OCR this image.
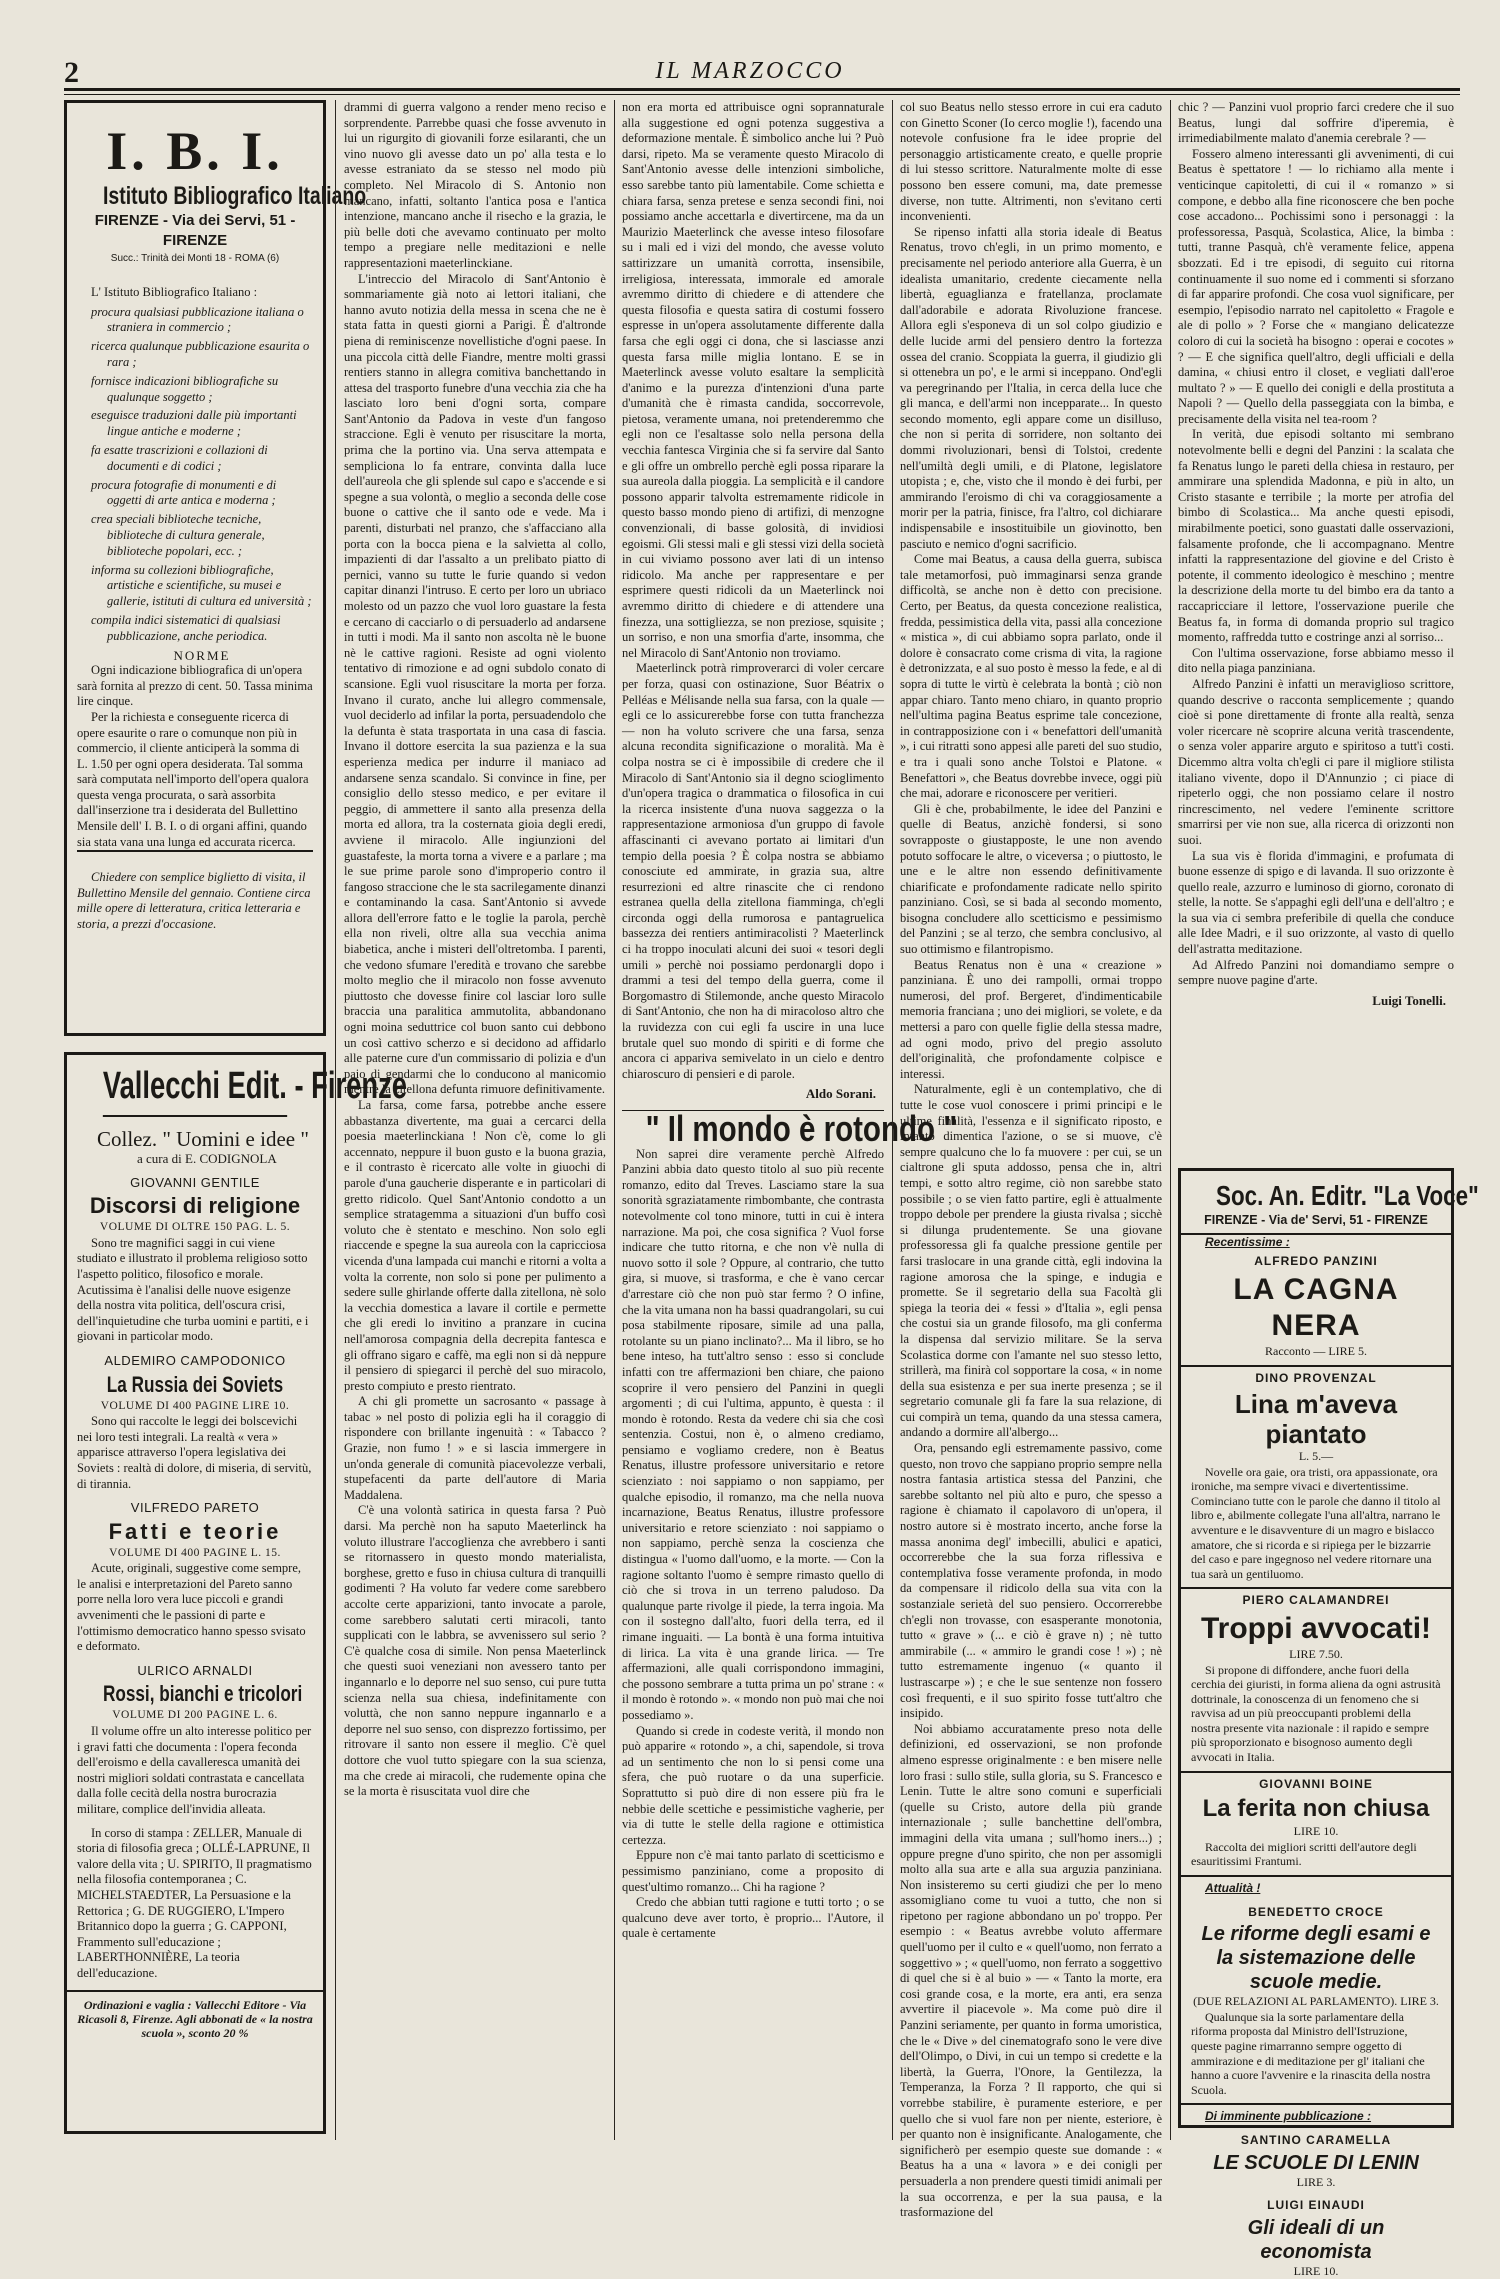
2	IL MARZOCCO
I. B. I.
Istituto Bibliografico Italiano
FIRENZE - Via dei Servi, 51 - FIRENZE
Succ.: Trinità dei Monti 18 - ROMA (6)

L' Istituto Bibliografico Italiano :

procura qualsiasi pubblicazione italiana o straniera in commercio ;
ricerca qualunque pubblicazione esaurita o rara ;
fornisce indicazioni bibliografiche su qualunque soggetto ;
eseguisce traduzioni dalle più importanti lingue antiche e moderne ;
fa esatte trascrizioni e collazioni di documenti e di codici ;
procura fotografie di monumenti e di oggetti di arte antica e moderna ;
crea speciali biblioteche tecniche, biblioteche di cultura generale, biblioteche popolari, ecc. ;
informa su collezioni bibliografiche, artistiche e scientifiche, su musei e gallerie, istituti di cultura ed università ;
compila indici sistematici di qualsiasi pubblicazione, anche periodica.

NORME

Ogni indicazione bibliografica di un'opera sarà fornita al prezzo di cent. 50. Tassa minima lire cinque.

Per la richiesta e conseguente ricerca di opere esaurite o rare o comunque non più in commercio, il cliente anticiperà la somma di L. 1.50 per ogni opera desiderata. Tal somma sarà computata nell'importo dell'opera qualora questa venga procurata, o sarà assorbita dall'inserzione tra i desiderata del Bullettino Mensile dell' I. B. I. o di organi affini, quando sia stata vana una lunga ed accurata ricerca.

Chiedere con semplice biglietto di visita, il Bullettino Mensile del gennaio. Contiene circa mille opere di letteratura, critica letteraria e storia, a prezzi d'occasione.

Vallecchi Edit. - Firenze
Collez. " Uomini e idee "
a cura di E. CODIGNOLA
GIOVANNI GENTILE
Discorsi di religione
VOLUME DI OLTRE 150 PAG. L. 5.

Sono tre magnifici saggi in cui viene studiato e illustrato il problema religioso sotto l'aspetto politico, filosofico e morale. Acutissima è l'analisi delle nuove esigenze della nostra vita politica, dell'oscura crisi, dell'inquietudine che turba uomini e partiti, e i giovani in particolar modo.

ALDEMIRO CAMPODONICO
La Russia dei Soviets
VOLUME DI 400 PAGINE LIRE 10.

Sono qui raccolte le leggi dei bolscevichi nei loro testi integrali. La realtà « vera » apparisce attraverso l'opera legislativa dei Soviets : realtà di dolore, di miseria, di servitù, di tirannia.

VILFREDO PARETO
Fatti e teorie
VOLUME DI 400 PAGINE L. 15.

Acute, originali, suggestive come sempre, le analisi e interpretazioni del Pareto sanno porre nella loro vera luce piccoli e grandi avvenimenti che le passioni di parte e l'ottimismo democratico hanno spesso svisato e deformato.

ULRICO ARNALDI
Rossi, bianchi e tricolori
VOLUME DI 200 PAGINE L. 6.

Il volume offre un alto interesse politico per i gravi fatti che documenta : l'opera feconda dell'eroismo e della cavalleresca umanità dei nostri migliori soldati contrastata e cancellata dalla folle cecità della nostra burocrazia militare, complice dell'invidia alleata.

In corso di stampa : ZELLER, Manuale di storia di filosofia greca ; OLLÉ-LAPRUNE, Il valore della vita ; U. SPIRITO, Il pragmatismo nella filosofia contemporanea ; C. MICHELSTAEDTER, La Persuasione e la Rettorica ; G. DE RUGGIERO, L'Impero Britannico dopo la guerra ; G. CAPPONI, Frammento sull'educazione ; LABERTHONNIÈRE, La teoria dell'educazione.

Ordinazioni e vaglia : Vallecchi Editore - Via Ricasoli 8, Firenze. Agli abbonati de « la nostra scuola », sconto 20 %

drammi di guerra valgono a render meno reciso e sorprendente. Parrebbe quasi che fosse avvenuto in lui un rigurgito di giovanili forze esilaranti, che un vino nuovo gli avesse dato un po' alla testa e lo avesse estraniato da se stesso nel modo più completo. Nel Miracolo di S. Antonio non mancano, infatti, soltanto l'antica posa e l'antica intenzione, mancano anche il risecho e la grazia, le più belle doti che avevamo continuato per molto tempo a pregiare nelle meditazioni e nelle rappresentazioni maeterlinckiane.

L'intreccio del Miracolo di Sant'Antonio è sommariamente già noto ai lettori italiani, che hanno avuto notizia della messa in scena che ne è stata fatta in questi giorni a Parigi. È d'altronde piena di reminiscenze novellistiche d'ogni paese. In una piccola città delle Fiandre, mentre molti grassi rentiers stanno in allegra comitiva banchettando in attesa del trasporto funebre d'una vecchia zia che ha lasciato loro beni d'ogni sorta, compare Sant'Antonio da Padova in veste d'un fangoso straccione. Egli è venuto per risuscitare la morta, prima che la portino via. Una serva attempata e sempliciona lo fa entrare, convinta dalla luce dell'aureola che gli splende sul capo e s'accende e si spegne a sua volontà, o meglio a seconda delle cose buone o cattive che il santo ode e vede. Ma i parenti, disturbati nel pranzo, che s'affacciano alla porta con la bocca piena e la salvietta al collo, impazienti di dar l'assalto a un prelibato piatto di pernici, vanno su tutte le furie quando si vedon capitar dinanzi l'intruso. E certo per loro un ubriaco molesto od un pazzo che vuol loro guastare la festa e cercano di cacciarlo o di persuaderlo ad andarsene in tutti i modi. Ma il santo non ascolta nè le buone nè le cattive ragioni. Resiste ad ogni violento tentativo di rimozione e ad ogni subdolo conato di scansione. Egli vuol risuscitare la morta per forza. Invano il curato, anche lui allegro commensale, vuol deciderlo ad infilar la porta, persuadendolo che la defunta è stata trasportata in una casa di fascia. Invano il dottore esercita la sua pazienza e la sua esperienza medica per indurre il maniaco ad andarsene senza scandalo. Si convince in fine, per consiglio dello stesso medico, e per evitare il peggio, di ammettere il santo alla presenza della morta ed allora, tra la costernata gioia degli eredi, avviene il miracolo. Alle ingiunzioni del guastafeste, la morta torna a vivere e a parlare ; ma le sue prime parole sono d'improperio contro il fangoso straccione che le sta sacrilegamente dinanzi e contaminando la casa. Sant'Antonio si avvede allora dell'errore fatto e le toglie la parola, perchè ella non riveli, oltre alla sua vecchia anima biabetica, anche i misteri dell'oltretomba. I parenti, che vedono sfumare l'eredità e trovano che sarebbe molto meglio che il miracolo non fosse avvenuto piuttosto che dovesse finire col lasciar loro sulle braccia una paralitica ammutolita, abbandonano ogni moina seduttrice col buon santo cui debbono un così cattivo scherzo e si decidono ad affidarlo alle paterne cure d'un commissario di polizia e d'un paio di gendarmi che lo conducono al manicomio mentre la zitellona defunta rimuore definitivamente.

La farsa, come farsa, potrebbe anche essere abbastanza divertente, ma guai a cercarci della poesia maeterlinckiana ! Non c'è, come lo gli accennato, neppure il buon gusto e la buona grazia, e il contrasto è ricercato alle volte in giuochi di parole d'una gaucherie disperante e in particolari di gretto ridicolo. Quel Sant'Antonio condotto a un semplice stratagemma a situazioni d'un buffo così voluto che è stentato e meschino. Non solo egli riaccende e spegne la sua aureola con la capricciosa vicenda d'una lampada cui manchi e ritorni a volta a volta la corrente, non solo si pone per pulimento a sedere sulle ghirlande offerte dalla zitellona, nè solo la vecchia domestica a lavare il cortile e permette che gli eredi lo invitino a pranzare in cucina nell'amorosa compagnia della decrepita fantesca e gli offrano sigaro e caffè, ma egli non si dà neppure il pensiero di spiegarci il perchè del suo miracolo, presto compiuto e presto rientrato.

A chi gli promette un sacrosanto « passage à tabac » nel posto di polizia egli ha il coraggio di rispondere con brillante ingenuità : « Tabacco ? Grazie, non fumo ! » e si lascia immergere in un'onda generale di comunità piacevolezze verbali, stupefacenti da parte dell'autore di Maria Maddalena.

C'è una volontà satirica in questa farsa ? Può darsi. Ma perchè non ha saputo Maeterlinck ha voluto illustrare l'accoglienza che avrebbero i santi se ritornassero in questo mondo materialista, borghese, gretto e fuso in chiusa cultura di tranquilli godimenti ? Ha voluto far vedere come sarebbero accolte certe apparizioni, tanto invocate a parole, come sarebbero salutati certi miracoli, tanto supplicati con le labbra, se avvenissero sul serio ? C'è qualche cosa di simile. Non pensa Maeterlinck che questi suoi veneziani non avessero tanto per ingannarlo e lo deporre nel suo senso, cui pure tutta scienza nella sua chiesa, indefinitamente con voluttà, che non sanno neppure ingannarlo e a deporre nel suo senso, con disprezzo fortissimo, per ritrovare il santo non essere il meglio. C'è quel dottore che vuol tutto spiegare con la sua scienza, ma che crede ai miracoli, che rudemente opina che se la morta è risuscitata vuol dire che

non era morta ed attribuisce ogni soprannaturale alla suggestione ed ogni potenza suggestiva a deformazione mentale. È simbolico anche lui ? Può darsi, ripeto. Ma se veramente questo Miracolo di Sant'Antonio avesse delle intenzioni simboliche, esso sarebbe tanto più lamentabile. Come schietta e chiara farsa, senza pretese e senza secondi fini, noi possiamo anche accettarla e divertircene, ma da un Maurizio Maeterlinck che avesse inteso filosofare su i mali ed i vizi del mondo, che avesse voluto sattirizzare un umanità corrotta, insensibile, irreligiosa, interessata, immorale ed amorale avremmo diritto di chiedere e di attendere che questa filosofia e questa satira di costumi fossero espresse in un'opera assolutamente differente dalla farsa che egli oggi ci dona, che si lasciasse anzi questa farsa mille miglia lontano. E se in Maeterlinck avesse voluto esaltare la semplicità d'animo e la purezza d'intenzioni d'una parte d'umanità che è rimasta candida, soccorrevole, pietosa, veramente umana, noi pretenderemmo che egli non ce l'esaltasse solo nella persona della vecchia fantesca Virginia che si fa servire dal Santo e gli offre un ombrello perchè egli possa riparare la sua aureola dalla pioggia. La semplicità e il candore possono apparir talvolta estremamente ridicole in questo basso mondo pieno di artifizi, di menzogne convenzionali, di basse golosità, di invidiosi egoismi. Gli stessi mali e gli stessi vizi della società in cui viviamo possono aver lati di un intenso ridicolo. Ma anche per rappresentare e per esprimere questi ridicoli da un Maeterlinck noi avremmo diritto di chiedere e di attendere una finezza, una sottigliezza, se non preziose, squisite ; un sorriso, e non una smorfia d'arte, insomma, che nel Miracolo di Sant'Antonio non troviamo.

Maeterlinck potrà rimproverarci di voler cercare per forza, quasi con ostinazione, Suor Béatrix o Pelléas e Mélisande nella sua farsa, con la quale — egli ce lo assicurerebbe forse con tutta franchezza — non ha voluto scrivere che una farsa, senza alcuna recondita significazione o moralità. Ma è colpa nostra se ci è impossibile di credere che il Miracolo di Sant'Antonio sia il degno scioglimento d'un'opera tragica o drammatica o filosofica in cui la ricerca insistente d'una nuova saggezza o la rappresentazione armoniosa d'un gruppo di favole affascinanti ci avevano portato ai limitari d'un tempio della poesia ? È colpa nostra se abbiamo conosciute ed ammirate, in grazia sua, altre resurrezioni ed altre rinascite che ci rendono estranea quella della zitellona fiamminga, ch'egli circonda oggi della rumorosa e pantagruelica bassezza dei rentiers antimiracolisti ? Maeterlinck ci ha troppo inoculati alcuni dei suoi « tesori degli umili » perchè noi possiamo perdonargli dopo i drammi a tesi del tempo della guerra, come il Borgomastro di Stilemonde, anche questo Miracolo di Sant'Antonio, che non ha di miracoloso altro che la ruvidezza con cui egli fa uscire in una luce brutale quel suo mondo di spiriti e di forme che ancora ci appariva semivelato in un cielo e dentro chiaroscuro di pensieri e di parole.

Aldo Sorani.

" Il mondo è rotondo "

Non saprei dire veramente perchè Alfredo Panzini abbia dato questo titolo al suo più recente romanzo, edito dal Treves. Lasciamo stare la sua sonorità sgraziatamente rimbombante, che contrasta notevolmente col tono minore, tutti in cui è intera narrazione. Ma poi, che cosa significa ? Vuol forse indicare che tutto ritorna, e che non v'è nulla di nuovo sotto il sole ? Oppure, al contrario, che tutto gira, si muove, si trasforma, e che è vano cercar d'arrestare ciò che non può star fermo ? O infine, che la vita umana non ha bassi quadrangolari, su cui posa stabilmente riposare, simile ad una palla, rotolante su un piano inclinato?... Ma il libro, se ho bene inteso, ha tutt'altro senso : esso si conclude infatti con tre affermazioni ben chiare, che paiono scoprire il vero pensiero del Panzini in quegli argomenti ; di cui l'ultima, appunto, è questa : il mondo è rotondo. Resta da vedere chi sia che così sentenzia. Costui, non è, o almeno crediamo, pensiamo e vogliamo credere, non è Beatus Renatus, illustre professore universitario e retore scienziato : noi sappiamo o non sappiamo, per qualche episodio, il romanzo, ma che nella nuova incarnazione, Beatus Renatus, illustre professore universitario e retore scienziato : noi sappiamo o non sappiamo, perchè senza la coscienza che distingua « l'uomo dall'uomo, e la morte. — Con la ragione soltanto l'uomo è sempre rimasto quello di ciò che si trova in un terreno paludoso. Da qualunque parte rivolge il piede, la terra ingoia. Ma con il sostegno dall'alto, fuori della terra, ed il rimane inguaiti. — La bontà è una forma intuitiva di lirica. La vita è una grande lirica. — Tre affermazioni, alle quali corrispondono immagini, che possono sembrare a tutta prima un po' strane : « il mondo è rotondo ». « mondo non può mai che noi possediamo ».

Quando si crede in codeste verità, il mondo non può apparire « rotondo », a chi, sapendole, si trova ad un sentimento che non lo si pensi come una sfera, che può ruotare o da una superficie. Soprattutto si può dire di non essere più fra le nebbie delle scettiche e pessimistiche vagherie, per via di tutte le stelle della ragione e ottimistica certezza.

Eppure non c'è mai tanto parlato di scetticismo e pessimismo panziniano, come a proposito di quest'ultimo romanzo... Chi ha ragione ?

Credo che abbian tutti ragione e tutti torto ; o se qualcuno deve aver torto, è proprio... l'Autore, il quale è certamente

col suo Beatus nello stesso errore in cui era caduto con Ginetto Sconer (Io cerco moglie !), facendo una notevole confusione fra le idee proprie del personaggio artisticamente creato, e quelle proprie di lui stesso scrittore. Naturalmente molte di esse possono ben essere comuni, ma, date premesse diverse, non tutte. Altrimenti, non s'evitano certi inconvenienti.

Se ripenso infatti alla storia ideale di Beatus Renatus, trovo ch'egli, in un primo momento, e precisamente nel periodo anteriore alla Guerra, è un idealista umanitario, credente ciecamente nella libertà, eguaglianza e fratellanza, proclamate dall'adorabile e adorata Rivoluzione francese. Allora egli s'esponeva di un sol colpo giudizio e delle lucide armi del pensiero dentro la fortezza ossea del cranio. Scoppiata la guerra, il giudizio gli si ottenebra un po', e le armi si inceppano. Ond'egli va peregrinando per l'Italia, in cerca della luce che gli manca, e dell'armi non incepparate... In questo secondo momento, egli appare come un disilluso, che non si perita di sorridere, non soltanto dei dommi rivoluzionari, bensì di Tolstoi, credente nell'umiltà degli umili, e di Platone, legislatore utopista ; e, che, visto che il mondo è dei furbi, per ammirando l'eroismo di chi va coraggiosamente a morir per la patria, finisce, fra l'altro, col dichiarare indispensabile e insostituibile un giovinotto, ben pasciuto e nemico d'ogni sacrificio.

Come mai Beatus, a causa della guerra, subisca tale metamorfosi, può immaginarsi senza grande difficoltà, se anche non è detto con precisione. Certo, per Beatus, da questa concezione realistica, fredda, pessimistica della vita, passi alla concezione « mistica », di cui abbiamo sopra parlato, onde il dolore è consacrato come crisma di vita, la ragione è detronizzata, e al suo posto è messo la fede, e al di sopra di tutte le virtù è celebrata la bontà ; ciò non appar chiaro. Tanto meno chiaro, in quanto proprio nell'ultima pagina Beatus esprime tale concezione, in contrapposizione con i « benefattori dell'umanità », i cui ritratti sono appesi alle pareti del suo studio, e tra i quali sono anche Tolstoi e Platone. « Benefattori », che Beatus dovrebbe invece, oggi più che mai, adorare e riconoscere per veritieri.

Gli è che, probabilmente, le idee del Panzini e quelle di Beatus, anzichè fondersi, si sono sovrapposte o giustapposte, le une non avendo potuto soffocare le altre, o viceversa ; o piuttosto, le une e le altre non essendo definitivamente chiarificate e profondamente radicate nello spirito panziniano. Così, se si bada al secondo momento, bisogna concludere allo scetticismo e pessimismo del Panzini ; se al terzo, che sembra conclusivo, al suo ottimismo e filantropismo.

Beatus Renatus non è una « creazione » panziniana. È uno dei rampolli, ormai troppo numerosi, del prof. Bergeret, d'indimenticabile memoria franciana ; uno dei migliori, se volete, e da mettersi a paro con quelle figlie della stessa madre, ad ogni modo, privo del pregio assoluto dell'originalità, che profondamente colpisce e interessi.

Naturalmente, egli è un contemplativo, che di tutte le cose vuol conoscere i primi principi e le ultime finalità, l'essenza e il significato riposto, e intanto dimentica l'azione, o se si muove, c'è sempre qualcuno che lo fa muovere : per cui, se un cialtrone gli sputa addosso, pensa che in, altri tempi, e sotto altro regime, ciò non sarebbe stato possibile ; o se vien fatto partire, egli è attualmente troppo debole per prendere la giusta rivalsa ; sicchè si dilunga prudentemente. Se una giovane professoressa gli fa qualche pressione gentile per farsi traslocare in una grande città, egli indovina la ragione amorosa che la spinge, e indugia e promette. Se il segretario della sua Facoltà gli spiega la teoria dei « fessi » d'Italia », egli pensa che costui sia un grande filosofo, ma gli conferma la dispensa dal servizio militare. Se la serva Scolastica dorme con l'amante nel suo stesso letto, strillerà, ma finirà col sopportare la cosa, « in nome della sua esistenza e per sua inerte presenza ; se il segretario comunale gli fa fare la sua relazione, di cui compirà un tema, quando da una stessa camera, andando a dormire all'albergo...

Ora, pensando egli estremamente passivo, come questo, non trovo che sappiano proprio sempre nella nostra fantasia artistica stessa del Panzini, che sarebbe soltanto nel più alto e puro, che spesso a ragione è chiamato il capolavoro di un'opera, il nostro autore si è mostrato incerto, anche forse la massa anonima degl' imbecilli, abulici e apatici, occorrerebbe che la sua forza riflessiva e contemplativa fosse veramente profonda, in modo da compensare il ridicolo della sua vita con la sostanziale serietà del suo pensiero. Occorrerebbe ch'egli non trovasse, con esasperante monotonia, tutto « grave » (... e ciò è grave n) ; nè tutto ammirabile (... « ammiro le grandi cose ! ») ; nè tutto estremamente ingenuo (« quanto il lustrascarpe ») ; e che le sue sentenze non fossero così frequenti, e il suo spirito fosse tutt'altro che insipido.

Noi abbiamo accuratamente preso nota delle definizioni, ed osservazioni, se non profonde almeno espresse originalmente : e ben misere nelle loro frasi : sullo stile, sulla gloria, su S. Francesco e Lenin. Tutte le altre sono comuni e superficiali (quelle su Cristo, autore della più grande internazionale ; sulle banchettine dell'ombra, immagini della vita umana ; sull'homo iners...) ; oppure pregne d'uno spirito, che non per assomigli molto alla sua arte e alla sua arguzia panziniana. Non insisteremo su certi giudizi che per lo meno assomigliano come tu vuoi a tutto, che non si ripetono per ragione abbondano un po' troppo. Per esempio : « Beatus avrebbe voluto affermare quell'uomo per il culto e « quell'uomo, non ferrato a soggettivo » ; « quell'uomo, non ferrato a soggettivo di quel che si è al buio » — « Tanto la morte, era cosi grande cosa, e la morte, era anti, era senza avvertire il piacevole ». Ma come può dire il Panzini seriamente, per quanto in forma umoristica, che le « Dive » del cinematografo sono le vere dive dell'Olimpo, o Divi, in cui un tempo si credette e la libertà, la Guerra, l'Onore, la Gentilezza, la Temperanza, la Forza ? Il rapporto, che qui si vorrebbe stabilire, è puramente esteriore, e per quello che si vuol fare non per niente, esteriore, è per quanto non è insignificante. Analogamente, che significherò per esempio queste sue domande : « Beatus ha a una « lavora » e dei conigli per persuaderla a non prendere questi timidi animali per la sua occorrenza, e per la sua pausa, e la trasformazione del

chic ? — Panzini vuol proprio farci credere che il suo Beatus, lungi dal soffrire d'iperemia, è irrimediabilmente malato d'anemia cerebrale ? —

Fossero almeno interessanti gli avvenimenti, di cui Beatus è spettatore ! — lo richiamo alla mente i venticinque capitoletti, di cui il « romanzo » si compone, e debbo alla fine riconoscere che ben poche cose accadono... Pochissimi sono i personaggi : la professoressa, Pasquà, Scolastica, Alice, la bimba : tutti, tranne Pasquà, ch'è veramente felice, appena sbozzati. Ed i tre episodi, di seguito cui ritorna continuamente il suo nome ed i commenti si sforzano di far apparire profondi. Che cosa vuol significare, per esempio, l'episodio narrato nel capitoletto « Fragole e ale di pollo » ? Forse che « mangiano delicatezze coloro di cui la società ha bisogno : operai e cocotes » ? — E che significa quell'altro, degli ufficiali e della damina, « chiusi entro il closet, e vegliati dall'eroe multato ? » — E quello dei conigli e della prostituta a Napoli ? — Quello della passeggiata con la bimba, e precisamente della visita nel tea-room ?

In verità, due episodi soltanto mi sembrano notevolmente belli e degni del Panzini : la scalata che fa Renatus lungo le pareti della chiesa in restauro, per ammirare una splendida Madonna, e più in alto, un Cristo stasante e terribile ; la morte per atrofia del bimbo di Scolastica... Ma anche questi episodi, mirabilmente poetici, sono guastati dalle osservazioni, falsamente profonde, che li accompagnano. Mentre infatti la rappresentazione del giovine e del Cristo è potente, il commento ideologico è meschino ; mentre la descrizione della morte tu del bimbo era da tanto a raccapricciare il lettore, l'osservazione puerile che Beatus fa, in forma di domanda proprio sul tragico momento, raffredda tutto e costringe anzi al sorriso...

Con l'ultima osservazione, forse abbiamo messo il dito nella piaga panziniana.

Alfredo Panzini è infatti un meraviglioso scrittore, quando descrive o racconta semplicemente ; quando cioè si pone direttamente di fronte alla realtà, senza voler ricercare nè scoprire alcuna verità trascendente, o senza voler apparire arguto e spiritoso a tutt'i costi. Dicemmo altra volta ch'egli ci pare il migliore stilista italiano vivente, dopo il D'Annunzio ; ci piace di ripeterlo oggi, che non possiamo celare il nostro rincrescimento, nel vedere l'eminente scrittore smarrirsi per vie non sue, alla ricerca di orizzonti non suoi.

La sua vis è florida d'immagini, e profumata di buone essenze di spigo e di lavanda. Il suo orizzonte è quello reale, azzurro e luminoso di giorno, coronato di stelle, la notte. Se s'appaghi egli dell'una e dell'altro ; e la sua via ci sembra preferibile di quella che conduce alle Idee Madri, e il suo orizzonte, al vasto di quello dell'astratta meditazione.

Ad Alfredo Panzini noi domandiamo sempre o sempre nuove pagine d'arte.

Luigi Tonelli.

Soc. An. Editr. "La Voce"
FIRENZE - Via de' Servi, 51 - FIRENZE

Recentissime :

ALFREDO PANZINI
LA CAGNA NERA
Racconto — LIRE 5.
DINO PROVENZAL
Lina m'aveva piantato
L. 5.—

Novelle ora gaie, ora tristi, ora appassionate, ora ironiche, ma sempre vivaci e divertentissime. Cominciano tutte con le parole che danno il titolo al libro e, abilmente collegate l'una all'altra, narrano le avventure e le disavventure di un magro e bislacco amatore, che si ricorda e si ripiega per le bizzarrie del caso e pare ingegnoso nel vedere ritornare una tua sarà un gentiluomo.

PIERO CALAMANDREI
Troppi avvocati!
LIRE 7.50.

Si propone di diffondere, anche fuori della cerchia dei giuristi, in forma aliena da ogni astrusità dottrinale, la conoscenza di un fenomeno che si ravvisa ad un più preoccupanti problemi della nostra presente vita nazionale : il rapido e sempre più sproporzionato e bisognoso aumento degli avvocati in Italia.

GIOVANNI BOINE
La ferita non chiusa
LIRE 10.

Raccolta dei migliori scritti dell'autore degli esauritissimi Frantumi.

Attualità !

BENEDETTO CROCE
Le riforme degli esami e la sistemazione delle scuole medie.
(DUE RELAZIONI AL PARLAMENTO). LIRE 3.

Qualunque sia la sorte parlamentare della riforma proposta dal Ministro dell'Istruzione, queste pagine rimarranno sempre oggetto di ammirazione e di meditazione per gl' italiani che hanno a cuore l'avvenire e la rinascita della nostra Scuola.

Di imminente pubblicazione :

SANTINO CARAMELLA
LE SCUOLE DI LENIN
LIRE 3.
LUIGI EINAUDI
Gli ideali di un economista
LIRE 10.
